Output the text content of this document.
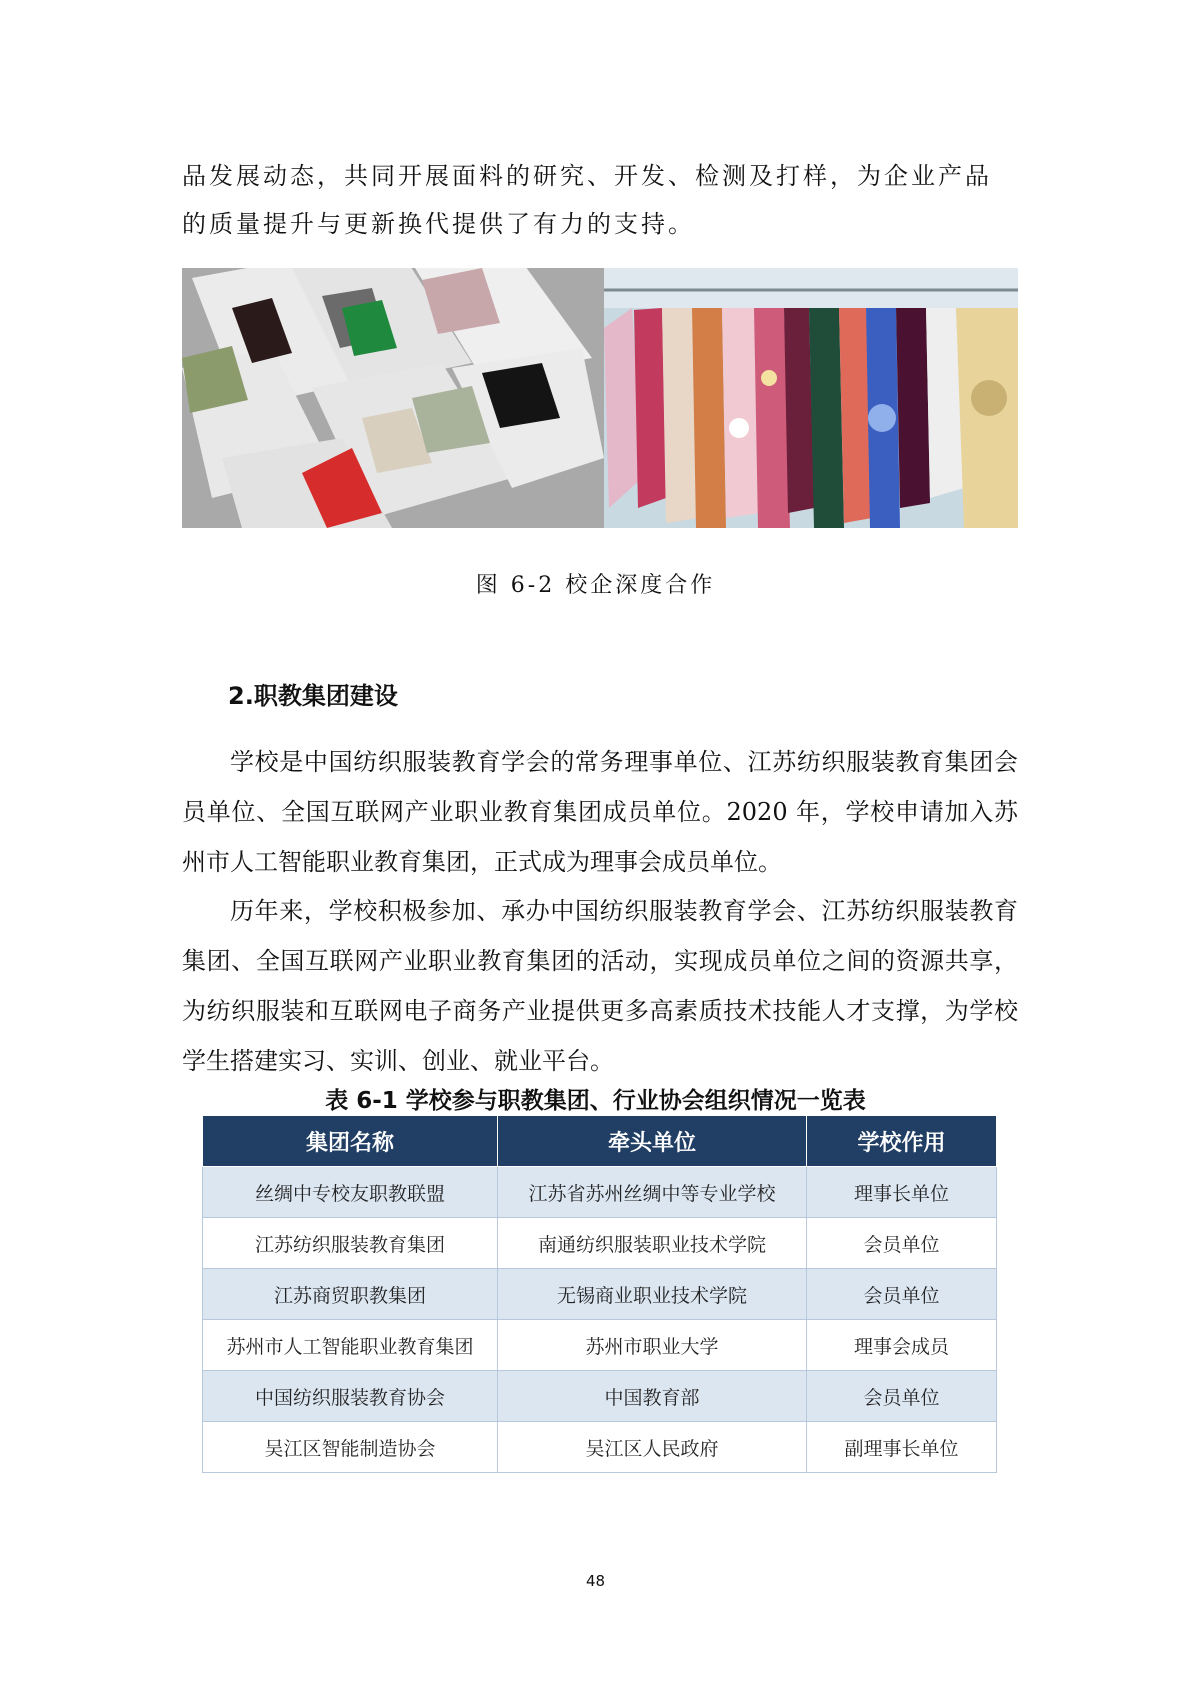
品发展动态，共同开展面料的研究、开发、检测及打样，为企业产品的质量提升与更新换代提供了有力的支持。

图 6-2 校企深度合作
2.职教集团建设

学校是中国纺织服装教育学会的常务理事单位、江苏纺织服装教育集团会员单位、全国互联网产业职业教育集团成员单位。2020 年，学校申请加入苏州市人工智能职业教育集团，正式成为理事会成员单位。

历年来，学校积极参加、承办中国纺织服装教育学会、江苏纺织服装教育集团、全国互联网产业职业教育集团的活动，实现成员单位之间的资源共享，为纺织服装和互联网电子商务产业提供更多高素质技术技能人才支撑，为学校学生搭建实习、实训、创业、就业平台。

表 6-1 学校参与职教集团、行业协会组织情况一览表
集团名称	牵头单位	学校作用
丝绸中专校友职教联盟	江苏省苏州丝绸中等专业学校	理事长单位
江苏纺织服装教育集团	南通纺织服装职业技术学院	会员单位
江苏商贸职教集团	无锡商业职业技术学院	会员单位
苏州市人工智能职业教育集团	苏州市职业大学	理事会成员
中国纺织服装教育协会	中国教育部	会员单位
吴江区智能制造协会	吴江区人民政府	副理事长单位
48
